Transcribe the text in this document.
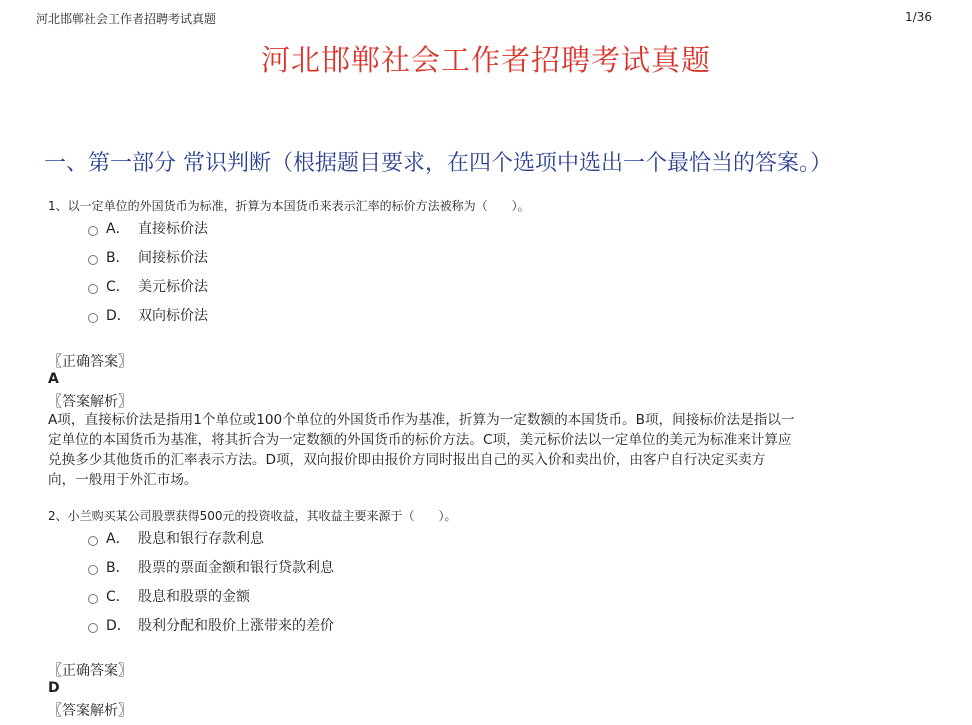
河北邯郸社会工作者招聘考试真题	1/36
河北邯郸社会工作者招聘考试真题
一、第一部分 常识判断（根据题目要求，在四个选项中选出一个最恰当的答案。）
1、以一定单位的外国货币为标准，折算为本国货币来表示汇率的标价方法被称为（　　）。
A． 直接标价法
B． 间接标价法
C． 美元标价法
D． 双向标价法
〖正确答案〗
A
〖答案解析〗
A项，直接标价法是指用1个单位或100个单位的外国货币作为基准，折算为一定数额的本国货币。B项，间接标价法是指以一
定单位的本国货币为基准，将其折合为一定数额的外国货币的标价方法。C项，美元标价法以一定单位的美元为标准来计算应
兑换多少其他货币的汇率表示方法。D项，双向报价即由报价方同时报出自己的买入价和卖出价，由客户自行决定买卖方
向，一般用于外汇市场。
2、小兰购买某公司股票获得500元的投资收益，其收益主要来源于（　　）。
A． 股息和银行存款利息
B． 股票的票面金额和银行贷款利息
C． 股息和股票的金额
D． 股利分配和股价上涨带来的差价
〖正确答案〗
D
〖答案解析〗
